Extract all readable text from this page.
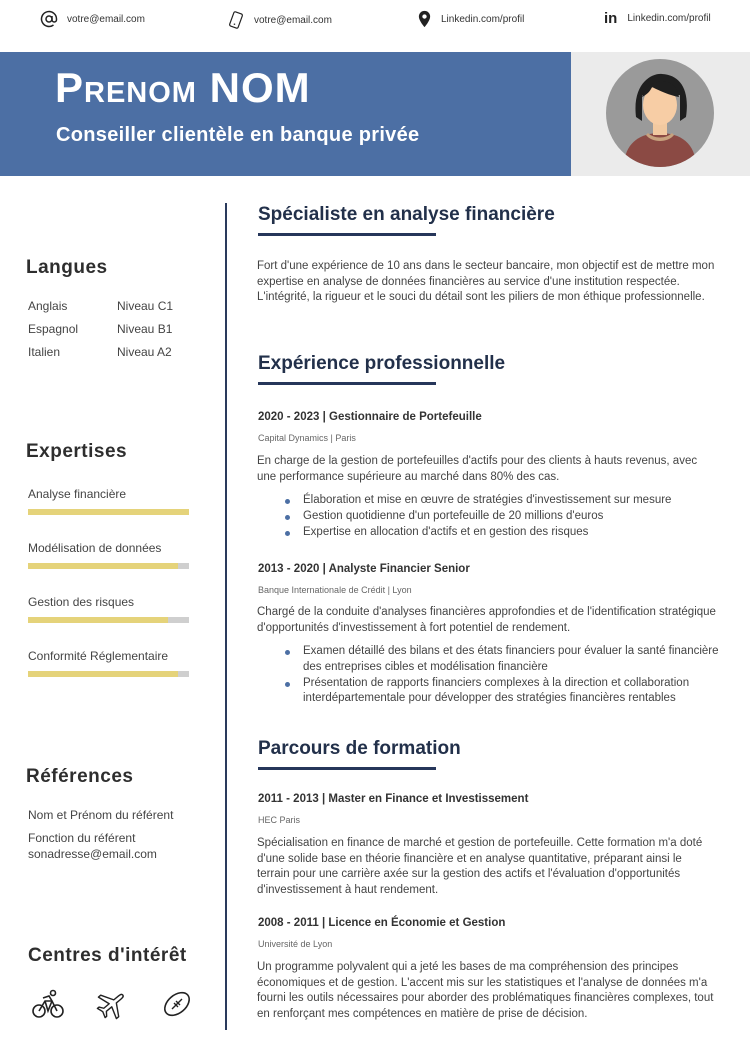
votre@email.com	votre@email.com	Linkedin.com/profil	in Linkedin.com/profil
Prenom NOM
Conseiller clientèle en banque privée
Langues
Anglais	Niveau C1
Espagnol	Niveau B1
Italien	Niveau A2
Expertises
Analyse financière
Modélisation de données
Gestion des risques
Conformité Réglementaire
Références
Nom et Prénom du référent
Fonction du référent
sonadresse@email.com
Centres d'intérêt
Spécialiste en analyse financière
Fort d'une expérience de 10 ans dans le secteur bancaire, mon objectif est de mettre mon expertise en analyse de données financières au service d'une institution respectée. L'intégrité, la rigueur et le souci du détail sont les piliers de mon éthique professionnelle.
Expérience professionnelle
2020 - 2023 | Gestionnaire de Portefeuille
Capital Dynamics | Paris
En charge de la gestion de portefeuilles d'actifs pour des clients à hauts revenus, avec une performance supérieure au marché dans 80% des cas.
Élaboration et mise en œuvre de stratégies d'investissement sur mesure
Gestion quotidienne d'un portefeuille de 20 millions d'euros
Expertise en allocation d'actifs et en gestion des risques
2013 - 2020 | Analyste Financier Senior
Banque Internationale de Crédit | Lyon
Chargé de la conduite d'analyses financières approfondies et de l'identification stratégique d'opportunités d'investissement à fort potentiel de rendement.
Examen détaillé des bilans et des états financiers pour évaluer la santé financière des entreprises cibles et modélisation financière
Présentation de rapports financiers complexes à la direction et collaboration interdépartementale pour développer des stratégies financières rentables
Parcours de formation
2011 - 2013 | Master en Finance et Investissement
HEC Paris
Spécialisation en finance de marché et gestion de portefeuille. Cette formation m'a doté d'une solide base en théorie financière et en analyse quantitative, préparant ainsi le terrain pour une carrière axée sur la gestion des actifs et l'évaluation d'opportunités d'investissement à haut rendement.
2008 - 2011 | Licence en Économie et Gestion
Université de Lyon
Un programme polyvalent qui a jeté les bases de ma compréhension des principes économiques et de gestion. L'accent mis sur les statistiques et l'analyse de données m'a fourni les outils nécessaires pour aborder des problématiques financières complexes, tout en renforçant mes compétences en matière de prise de décision.
